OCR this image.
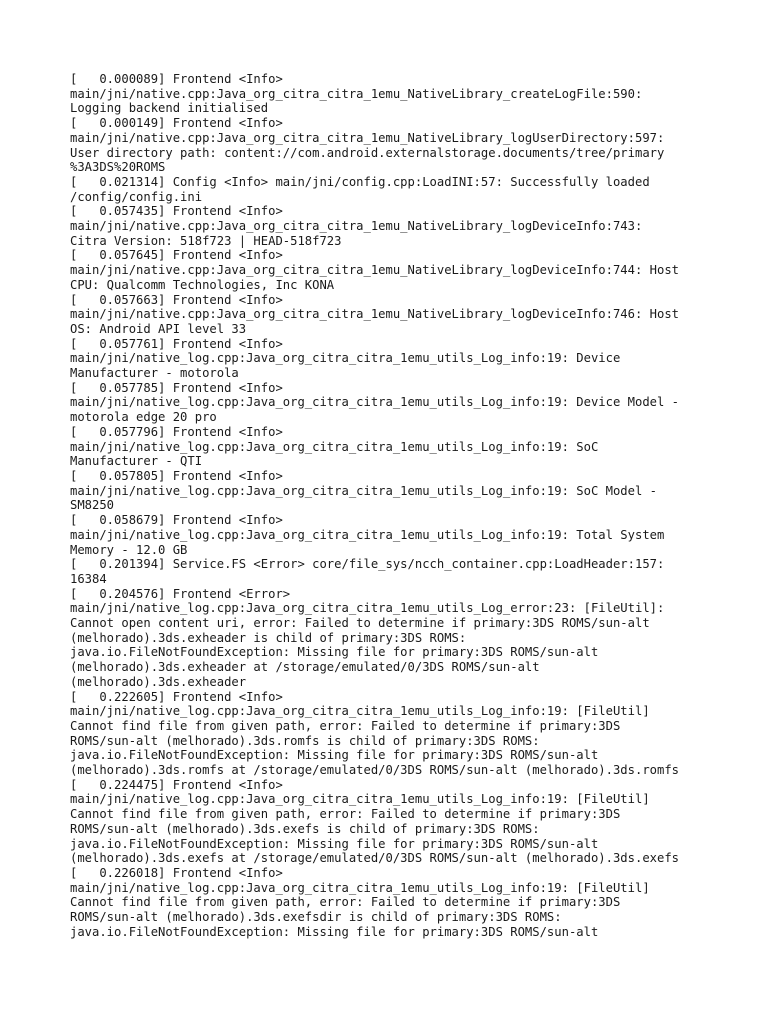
[   0.000089] Frontend <Info>
main/jni/native.cpp:Java_org_citra_citra_1emu_NativeLibrary_createLogFile:590:
Logging backend initialised
[   0.000149] Frontend <Info>
main/jni/native.cpp:Java_org_citra_citra_1emu_NativeLibrary_logUserDirectory:597:
User directory path: content://com.android.externalstorage.documents/tree/primary
%3A3DS%20ROMS
[   0.021314] Config <Info> main/jni/config.cpp:LoadINI:57: Successfully loaded
/config/config.ini
[   0.057435] Frontend <Info>
main/jni/native.cpp:Java_org_citra_citra_1emu_NativeLibrary_logDeviceInfo:743:
Citra Version: 518f723 | HEAD-518f723
[   0.057645] Frontend <Info>
main/jni/native.cpp:Java_org_citra_citra_1emu_NativeLibrary_logDeviceInfo:744: Host
CPU: Qualcomm Technologies, Inc KONA
[   0.057663] Frontend <Info>
main/jni/native.cpp:Java_org_citra_citra_1emu_NativeLibrary_logDeviceInfo:746: Host
OS: Android API level 33
[   0.057761] Frontend <Info>
main/jni/native_log.cpp:Java_org_citra_citra_1emu_utils_Log_info:19: Device
Manufacturer - motorola
[   0.057785] Frontend <Info>
main/jni/native_log.cpp:Java_org_citra_citra_1emu_utils_Log_info:19: Device Model -
motorola edge 20 pro
[   0.057796] Frontend <Info>
main/jni/native_log.cpp:Java_org_citra_citra_1emu_utils_Log_info:19: SoC
Manufacturer - QTI
[   0.057805] Frontend <Info>
main/jni/native_log.cpp:Java_org_citra_citra_1emu_utils_Log_info:19: SoC Model -
SM8250
[   0.058679] Frontend <Info>
main/jni/native_log.cpp:Java_org_citra_citra_1emu_utils_Log_info:19: Total System
Memory - 12.0 GB
[   0.201394] Service.FS <Error> core/file_sys/ncch_container.cpp:LoadHeader:157:
16384
[   0.204576] Frontend <Error>
main/jni/native_log.cpp:Java_org_citra_citra_1emu_utils_Log_error:23: [FileUtil]:
Cannot open content uri, error: Failed to determine if primary:3DS ROMS/sun-alt
(melhorado).3ds.exheader is child of primary:3DS ROMS:
java.io.FileNotFoundException: Missing file for primary:3DS ROMS/sun-alt
(melhorado).3ds.exheader at /storage/emulated/0/3DS ROMS/sun-alt
(melhorado).3ds.exheader
[   0.222605] Frontend <Info>
main/jni/native_log.cpp:Java_org_citra_citra_1emu_utils_Log_info:19: [FileUtil]
Cannot find file from given path, error: Failed to determine if primary:3DS
ROMS/sun-alt (melhorado).3ds.romfs is child of primary:3DS ROMS:
java.io.FileNotFoundException: Missing file for primary:3DS ROMS/sun-alt
(melhorado).3ds.romfs at /storage/emulated/0/3DS ROMS/sun-alt (melhorado).3ds.romfs
[   0.224475] Frontend <Info>
main/jni/native_log.cpp:Java_org_citra_citra_1emu_utils_Log_info:19: [FileUtil]
Cannot find file from given path, error: Failed to determine if primary:3DS
ROMS/sun-alt (melhorado).3ds.exefs is child of primary:3DS ROMS:
java.io.FileNotFoundException: Missing file for primary:3DS ROMS/sun-alt
(melhorado).3ds.exefs at /storage/emulated/0/3DS ROMS/sun-alt (melhorado).3ds.exefs
[   0.226018] Frontend <Info>
main/jni/native_log.cpp:Java_org_citra_citra_1emu_utils_Log_info:19: [FileUtil]
Cannot find file from given path, error: Failed to determine if primary:3DS
ROMS/sun-alt (melhorado).3ds.exefsdir is child of primary:3DS ROMS:
java.io.FileNotFoundException: Missing file for primary:3DS ROMS/sun-alt
